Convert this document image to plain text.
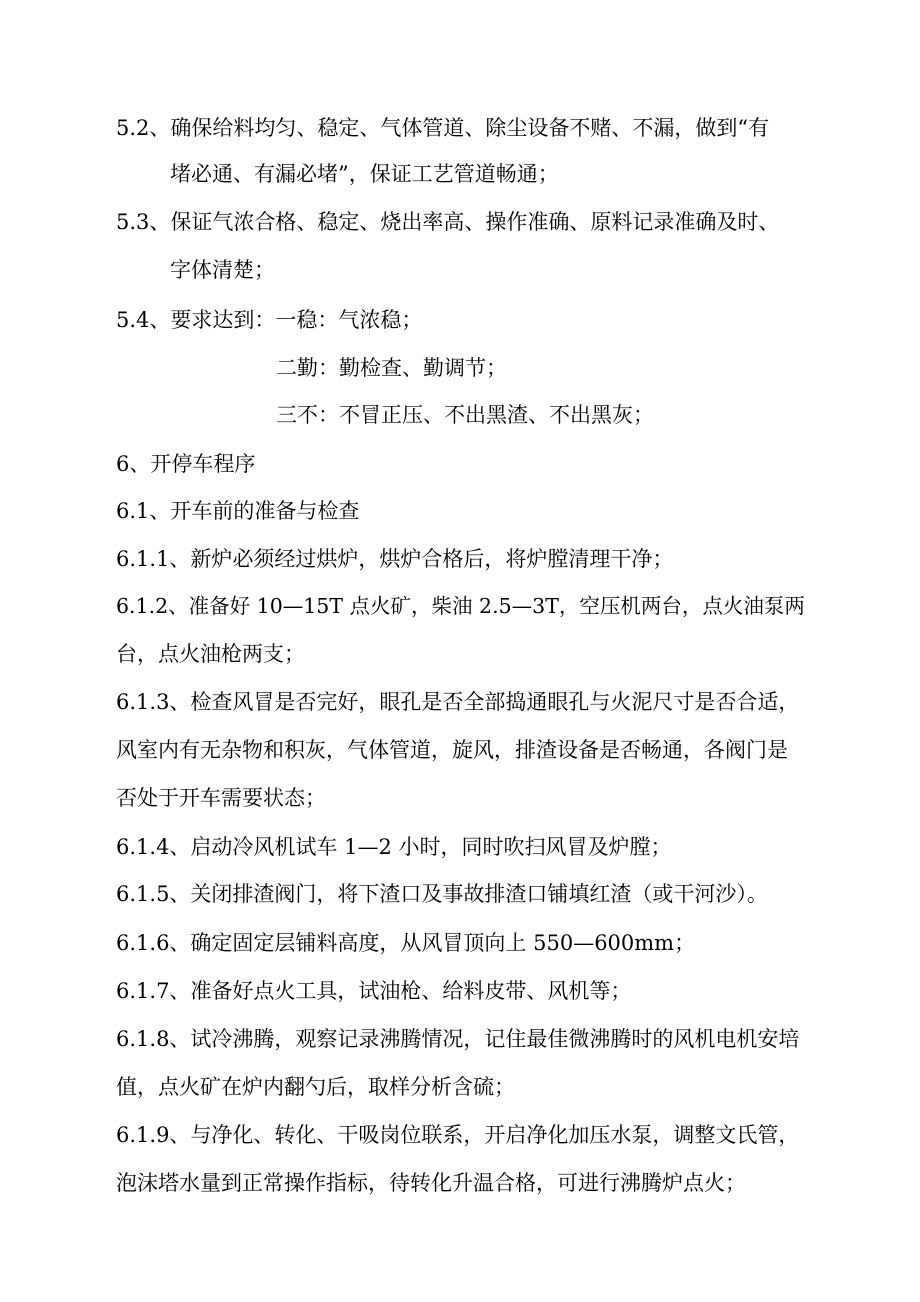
5.2、确保给料均匀、稳定、气体管道、除尘设备不赌、不漏，做到“有

堵必通、有漏必堵”，保证工艺管道畅通；

5.3、保证气浓合格、稳定、烧出率高、操作准确、原料记录准确及时、

字体清楚；

5.4、要求达到：一稳：气浓稳；

二勤：勤检查、勤调节；

三不：不冒正压、不出黑渣、不出黑灰；

6、开停车程序

6.1、开车前的准备与检查

6.1.1、新炉必须经过烘炉，烘炉合格后，将炉膛清理干净；

6.1.2、准备好 10—15T 点火矿，柴油 2.5—3T，空压机两台，点火油泵两

台，点火油枪两支；

6.1.3、检查风冒是否完好，眼孔是否全部捣通眼孔与火泥尺寸是否合适，

风室内有无杂物和积灰，气体管道，旋风，排渣设备是否畅通，各阀门是

否处于开车需要状态；

6.1.4、启动冷风机试车 1—2 小时，同时吹扫风冒及炉膛；

6.1.5、关闭排渣阀门，将下渣口及事故排渣口铺填红渣（或干河沙）。

6.1.6、确定固定层铺料高度，从风冒顶向上 550—600mm；

6.1.7、准备好点火工具，试油枪、给料皮带、风机等；

6.1.8、试冷沸腾，观察记录沸腾情况，记住最佳微沸腾时的风机电机安培

值，点火矿在炉内翻勺后，取样分析含硫；

6.1.9、与净化、转化、干吸岗位联系，开启净化加压水泵，调整文氏管，

泡沫塔水量到正常操作指标，待转化升温合格，可进行沸腾炉点火；
